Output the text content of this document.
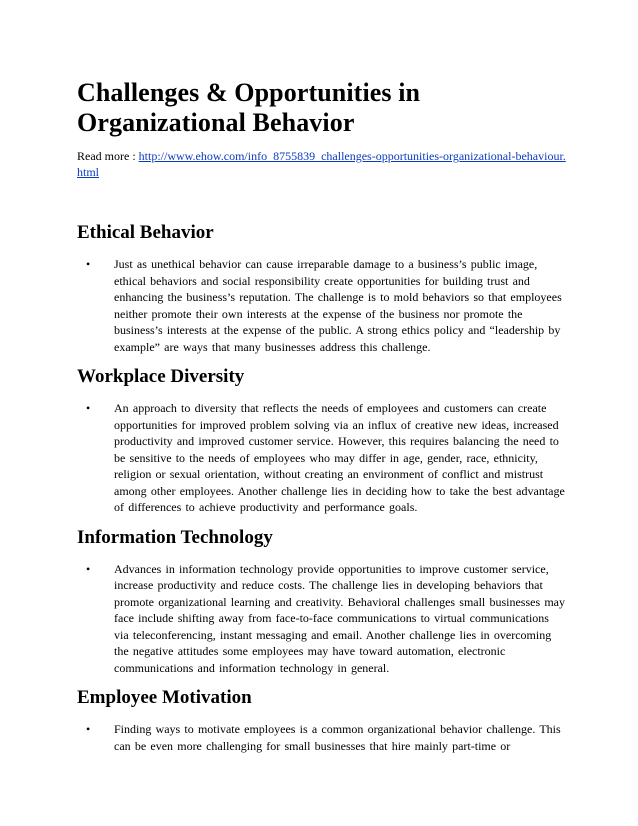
Challenges & Opportunities in
Organizational Behavior
Read more : http://www.ehow.com/info_8755839_challenges-opportunities-organizational-behaviour.html
Ethical Behavior
• Just as unethical behavior can cause irreparable damage to a business’s public image, ethical behaviors and social responsibility create opportunities for building trust and enhancing the business’s reputation. The challenge is to mold behaviors so that employees neither promote their own interests at the expense of the business nor promote the business’s interests at the expense of the public. A strong ethics policy and “leadership by example” are ways that many businesses address this challenge.
Workplace Diversity
• An approach to diversity that reflects the needs of employees and customers can create opportunities for improved problem solving via an influx of creative new ideas, increased productivity and improved customer service. However, this requires balancing the need to be sensitive to the needs of employees who may differ in age, gender, race, ethnicity, religion or sexual orientation, without creating an environment of conflict and mistrust among other employees. Another challenge lies in deciding how to take the best advantage of differences to achieve productivity and performance goals.
Information Technology
• Advances in information technology provide opportunities to improve customer service, increase productivity and reduce costs. The challenge lies in developing behaviors that promote organizational learning and creativity. Behavioral challenges small businesses may face include shifting away from face-to-face communications to virtual communications via teleconferencing, instant messaging and email. Another challenge lies in overcoming the negative attitudes some employees may have toward automation, electronic communications and information technology in general.
Employee Motivation
• Finding ways to motivate employees is a common organizational behavior challenge. This can be even more challenging for small businesses that hire mainly part-time or
